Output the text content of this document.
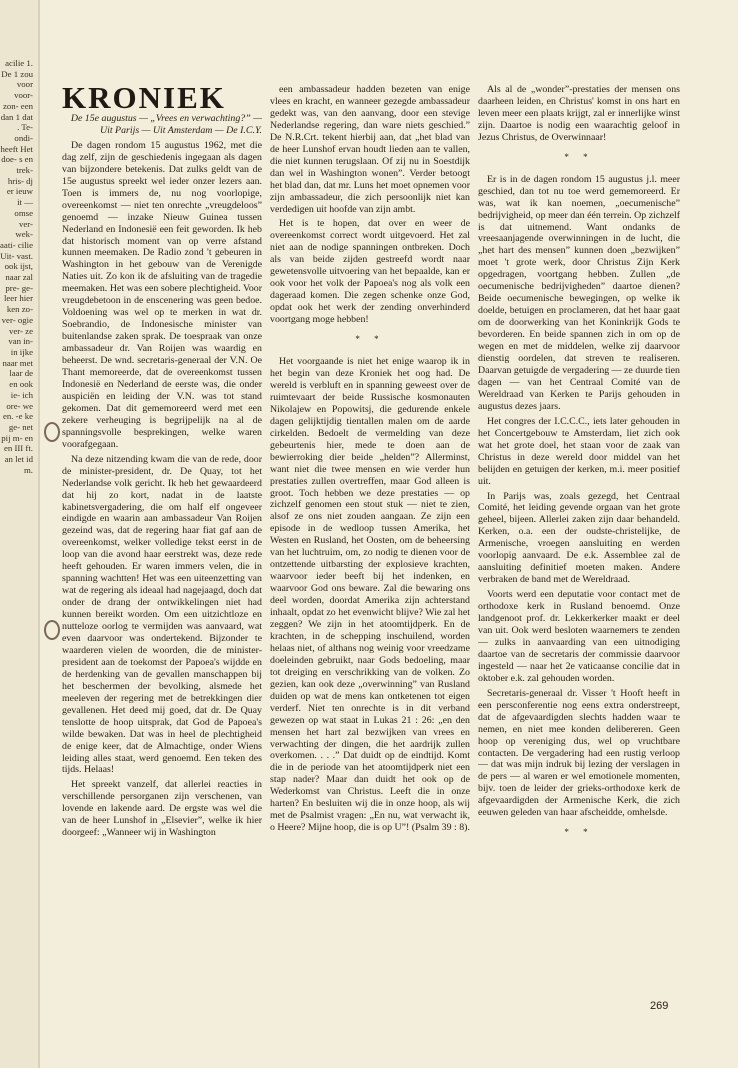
acilie 1. De 1 zou voor voor- zon- een dan 1 dat . Te- ondi- heeft Het doe- s en trek- hris- dj er ieuw it — omse ver- wek- aati- cilie Uit- vast. ook ijst, naar zal pre- ge- leer hier ken zo- ver- ogie ver- ze van in- in ijke naar met laar de en ook ie- ich ore- we en. -e ke ge- net pij m- en en III ft. an let id m.
KRONIEK

De 15e augustus — „Vrees en verwachting?” — Uit Parijs — Uit Amsterdam — De I.C.Y.

De dagen rondom 15 augustus 1962, met die dag zelf, zijn de geschiedenis ingegaan als dagen van bijzondere betekenis. Dat zulks geldt van de 15e augustus spreekt wel ieder onzer lezers aan. Toen is immers de, nu nog voorlopige, overeenkomst — niet ten onrechte „vreugdeloos” genoemd — inzake Nieuw Guinea tussen Nederland en Indonesië een feit geworden. Ik heb dat historisch moment van op verre afstand kunnen meemaken. De Radio zond 't gebeuren in Washington in het gebouw van de Verenigde Naties uit. Zo kon ik de afsluiting van de tragedie meemaken. Het was een sobere plechtigheid. Voor vreugdebetoon in de enscenering was geen bedoe. Voldoening was wel op te merken in wat dr. Soebrandio, de Indonesische minister van buitenlandse zaken sprak. De toespraak van onze ambassadeur dr. Van Roijen was waardig en beheerst. De wnd. secretaris-generaal der V.N. Oe Thant memoreerde, dat de overeenkomst tussen Indonesië en Nederland de eerste was, die onder auspiciën en leiding der V.N. was tot stand gekomen. Dat dit gememoreerd werd met een zekere verheuging is begrijpelijk na al de spanningsvolle besprekingen, welke waren voorafgegaan.

Na deze nitzending kwam die van de rede, door de minister-president, dr. De Quay, tot het Nederlandse volk gericht. Ik heb het gewaardeerd dat hij zo kort, nadat in de laatste kabinetsvergadering, die om half elf ongeveer eindigde en waarin aan ambassadeur Van Roijen gezeind was, dat de regering haar fiat gaf aan de overeenkomst, welker volledige tekst eerst in de loop van die avond haar eerstrekt was, deze rede heeft gehouden. Er waren immers velen, die in spanning wachtten! Het was een uiteenzetting van wat de regering als ideaal had nagejaagd, doch dat onder de drang der ontwikkelingen niet had kunnen bereikt worden. Om een uitzichtloze en nutteloze oorlog te vermijden was aanvaard, wat even daarvoor was ondertekend. Bijzonder te waarderen vielen de woorden, die de minister-president aan de toekomst der Papoea's wijdde en de herdenking van de gevallen manschappen bij het beschermen der bevolking, alsmede het meeleven der regering met de betrekkingen dier gevallenen. Het deed mij goed, dat dr. De Quay tenslotte de hoop uitsprak, dat God de Papoea's wilde bewaken. Dat was in heel de plechtigheid de enige keer, dat de Almachtige, onder Wiens leiding alles staat, werd genoemd. Een teken des tijds. Helaas!

Het spreekt vanzelf, dat allerlei reacties in verschillende persorganen zijn verschenen, van lovende en lakende aard. De ergste was wel die van de heer Lunshof in „Elsevier”, welke ik hier doorgeef: „Wanneer wij in Washington

een ambassadeur hadden bezeten van enige vlees en kracht, en wanneer gezegde ambassadeur gedekt was, van den aanvang, door een stevige Nederlandse regering, dan ware niets geschied.” De N.R.Crt. tekent hierbij aan, dat „het blad van de heer Lunshof ervan houdt lieden aan te vallen, die niet kunnen terugslaan. Of zij nu in Soestdijk dan wel in Washington wonen”. Verder betoogt het blad dan, dat mr. Luns het moet opnemen voor zijn ambassadeur, die zich persoonlijk niet kan verdedigen uit hoofde van zijn ambt.

Het is te hopen, dat over en weer de overeenkomst correct wordt uitgevoerd. Het zal niet aan de nodige spanningen ontbreken. Doch als van beide zijden gestreefd wordt naar gewetensvolle uitvoering van het bepaalde, kan er ook voor het volk der Papoea's nog als volk een dageraad komen. Die zegen schenke onze God, opdat ook het werk der zending onverhinderd voortgang moge hebben!

* *

Het voorgaande is niet het enige waarop ik in het begin van deze Kroniek het oog had. De wereld is verbluft en in spanning geweest over de ruimtevaart der beide Russische kosmonauten Nikolajew en Popowitsj, die gedurende enkele dagen gelijktijdig tientallen malen om de aarde cirkelden. Bedoelt de vermelding van deze gebeurtenis hier, mede te doen aan de bewierroking dier beide „helden”? Allerminst, want niet die twee mensen en wie verder hun prestaties zullen overtreffen, maar God alleen is groot. Toch hebben we deze prestaties — op zichzelf genomen een stout stuk — niet te zien, alsof ze ons niet zouden aangaan. Ze zijn een episode in de wedloop tussen Amerika, het Westen en Rusland, het Oosten, om de beheersing van het luchtruim, om, zo nodig te dienen voor de ontzettende uitbarsting der explosieve krachten, waarvoor ieder beeft bij het indenken, en waarvoor God ons beware. Zal die bewaring ons deel worden, doordat Amerika zijn achterstand inhaalt, opdat zo het evenwicht blijve? Wie zal het zeggen? We zijn in het atoomtijdperk. En de krachten, in de schepping inschuilend, worden helaas niet, of althans nog weinig voor vreedzame doeleinden gebruikt, naar Gods bedoeling, maar tot dreiging en verschrikking van de volken. Zo gezien, kan ook deze „overwinning” van Rusland duiden op wat de mens kan ontketenen tot eigen verderf. Niet ten onrechte is in dit verband gewezen op wat staat in Lukas 21 : 26: „en den mensen het hart zal bezwijken van vrees en verwachting der dingen, die het aardrijk zullen overkomen. . . .” Dat duidt op de eindtijd. Komt die in de periode van het atoomtijdperk niet een stap nader? Maar dan duidt het ook op de Wederkomst van Christus. Leeft die in onze harten? En besluiten wij die in onze hoop, als wij met de Psalmist vragen: „En nu, wat verwacht ik, o Heere? Mijne hoop, die is op U”! (Psalm 39 : 8).

Als al de „wonder”-prestaties der mensen ons daarheen leiden, en Christus' komst in ons hart en leven meer een plaats krijgt, zal er innerlijke winst zijn. Daartoe is nodig een waarachtig geloof in Jezus Christus, de Overwinnaar!

* *

Er is in de dagen rondom 15 augustus j.l. meer geschied, dan tot nu toe werd gememoreerd. Er was, wat ik kan noemen, „oecumenische” bedrijvigheid, op meer dan één terrein. Op zichzelf is dat uitnemend. Want ondanks de vreesaanjagende overwinningen in de lucht, die „het hart des mensen” kunnen doen „bezwijken” moet 't grote werk, door Christus Zijn Kerk opgedragen, voortgang hebben. Zullen „de oecumenische bedrijvigheden” daartoe dienen? Beide oecumenische bewegingen, op welke ik doelde, betuigen en proclameren, dat het haar gaat om de doorwerking van het Koninkrijk Gods te bevorderen. En beide spannen zich in om op de wegen en met de middelen, welke zij daarvoor dienstig oordelen, dat streven te realiseren. Daarvan getuigde de vergadering — ze duurde tien dagen — van het Centraal Comité van de Wereldraad van Kerken te Parijs gehouden in augustus dezes jaars.

Het congres der I.C.C.C., iets later gehouden in het Concertgebouw te Amsterdam, liet zich ook wat het grote doel, het staan voor de zaak van Christus in deze wereld door middel van het belijden en getuigen der kerken, m.i. meer positief uit.

In Parijs was, zoals gezegd, het Centraal Comité, het leiding gevende orgaan van het grote geheel, bijeen. Allerlei zaken zijn daar behandeld. Kerken, o.a. een der oudste-christelijke, de Armenische, vroegen aansluiting en werden voorlopig aanvaard. De e.k. Assemblee zal de aansluiting definitief moeten maken. Andere verbraken de band met de Wereldraad.

Voorts werd een deputatie voor contact met de orthodoxe kerk in Rusland benoemd. Onze landgenoot prof. dr. Lekkerkerker maakt er deel van uit. Ook werd besloten waarnemers te zenden — zulks in aanvaarding van een uitnodiging daartoe van de secretaris der commissie daarvoor ingesteld — naar het 2e vaticaanse concilie dat in oktober e.k. zal gehouden worden.

Secretaris-generaal dr. Visser 't Hooft heeft in een persconferentie nog eens extra onderstreept, dat de afgevaardigden slechts hadden waar te nemen, en niet mee konden delibereren. Geen hoop op vereniging dus, wel op vruchtbare contacten. De vergadering had een rustig verloop — dat was mijn indruk bij lezing der verslagen in de pers — al waren er wel emotionele momenten, bijv. toen de leider der grieks-orthodoxe kerk de afgevaardigden der Armenische Kerk, die zich eeuwen geleden van haar afscheidde, omhelsde.

* *

269
